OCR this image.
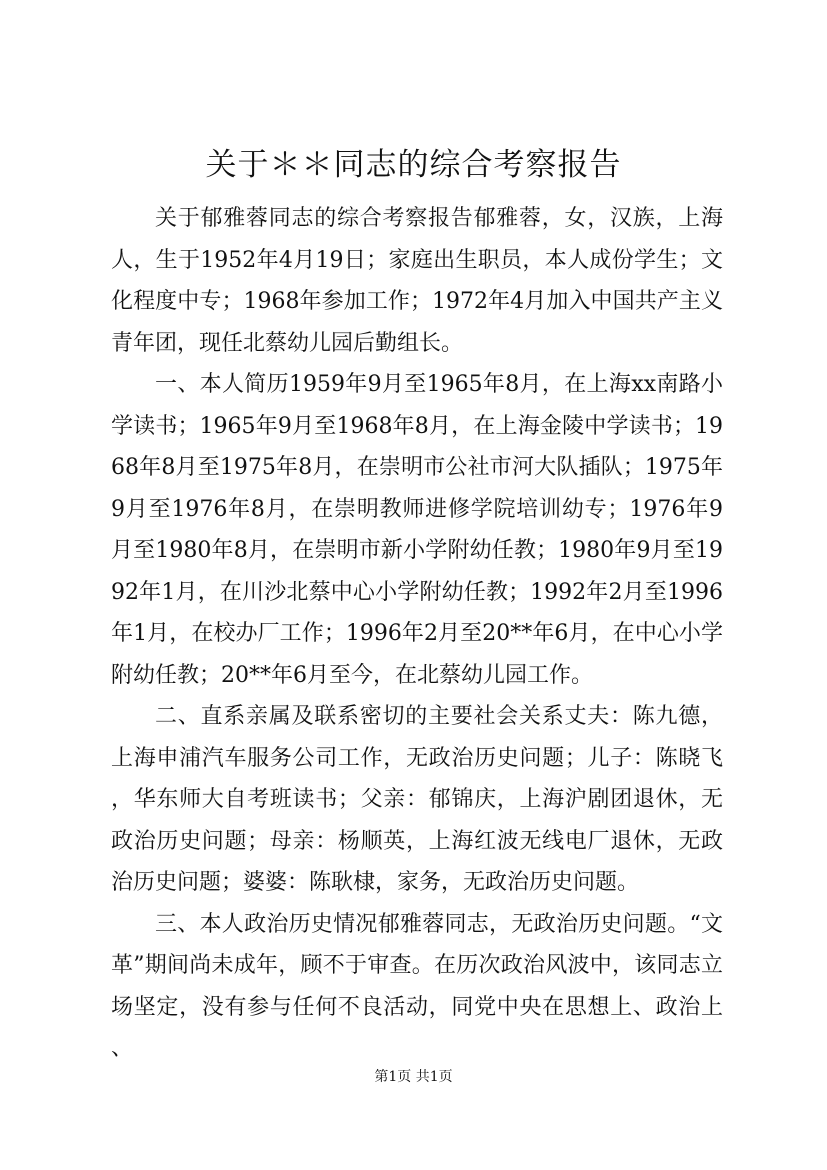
关于＊＊同志的综合考察报告

关于郁雅蓉同志的综合考察报告郁雅蓉，女，汉族，上海人，生于1952年4月19日；家庭出生职员，本人成份学生；文化程度中专；1968年参加工作；1972年4月加入中国共产主义青年团，现任北蔡幼儿园后勤组长。

一、本人简历1959年9月至1965年8月，在上海xx南路小学读书；1965年9月至1968年8月，在上海金陵中学读书；1968年8月至1975年8月，在崇明市公社市河大队插队；1975年9月至1976年8月，在崇明教师进修学院培训幼专；1976年9月至1980年8月，在崇明市新小学附幼任教；1980年9月至1992年1月，在川沙北蔡中心小学附幼任教；1992年2月至1996年1月，在校办厂工作；1996年2月至20**年6月，在中心小学附幼任教；20**年6月至今，在北蔡幼儿园工作。

二、直系亲属及联系密切的主要社会关系丈夫：陈九德，上海申浦汽车服务公司工作，无政治历史问题；儿子：陈晓飞，华东师大自考班读书；父亲：郁锦庆，上海沪剧团退休，无政治历史问题；母亲：杨顺英，上海红波无线电厂退休，无政治历史问题；婆婆：陈耿棣，家务，无政治历史问题。

三、本人政治历史情况郁雅蓉同志，无政治历史问题。“文革”期间尚未成年，顾不于审查。在历次政治风波中，该同志立场坚定，没有参与任何不良活动，同党中央在思想上、政治上、

第1页 共1页
